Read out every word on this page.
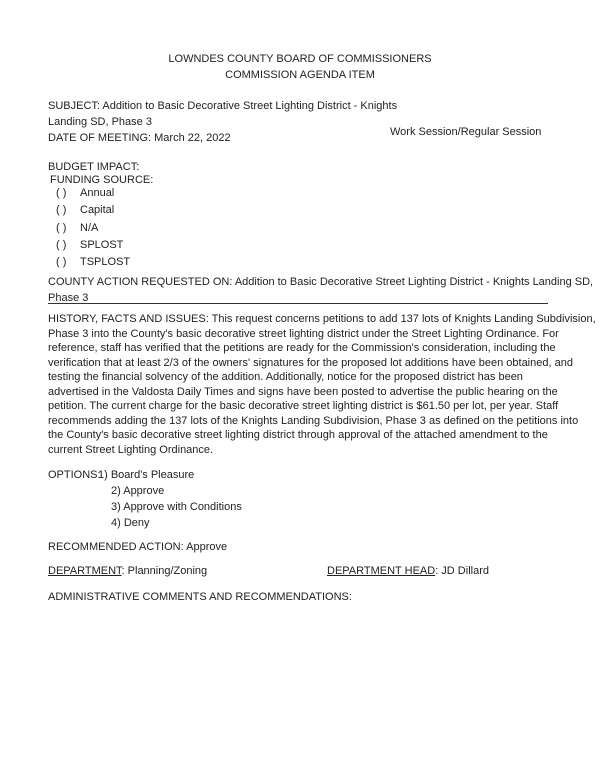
LOWNDES COUNTY BOARD OF COMMISSIONERS
COMMISSION AGENDA ITEM
SUBJECT: Addition to Basic Decorative Street Lighting District - Knights
Landing SD, Phase 3
DATE OF MEETING: March 22, 2022	Work Session/Regular Session
BUDGET IMPACT:
FUNDING SOURCE:
( ) Annual
( ) Capital
( ) N/A
( ) SPLOST
( ) TSPLOST
COUNTY ACTION REQUESTED ON: Addition to Basic Decorative Street Lighting District - Knights Landing SD,
Phase 3
HISTORY, FACTS AND ISSUES: This request concerns petitions to add 137 lots of Knights Landing Subdivision,
Phase 3 into the County's basic decorative street lighting district under the Street Lighting Ordinance. For
reference, staff has verified that the petitions are ready for the Commission's consideration, including the
verification that at least 2/3 of the owners' signatures for the proposed lot additions have been obtained, and
testing the financial solvency of the addition. Additionally, notice for the proposed district has been
advertised in the Valdosta Daily Times and signs have been posted to advertise the public hearing on the
petition. The current charge for the basic decorative street lighting district is $61.50 per lot, per year. Staff
recommends adding the 137 lots of the Knights Landing Subdivision, Phase 3 as defined on the petitions into
the County's basic decorative street lighting district through approval of the attached amendment to the
current Street Lighting Ordinance.
OPTIONS:
1) Board's Pleasure
2) Approve
3) Approve with Conditions
4) Deny
RECOMMENDED ACTION: Approve
DEPARTMENT: Planning/Zoning	DEPARTMENT HEAD: JD Dillard
ADMINISTRATIVE COMMENTS AND RECOMMENDATIONS:
